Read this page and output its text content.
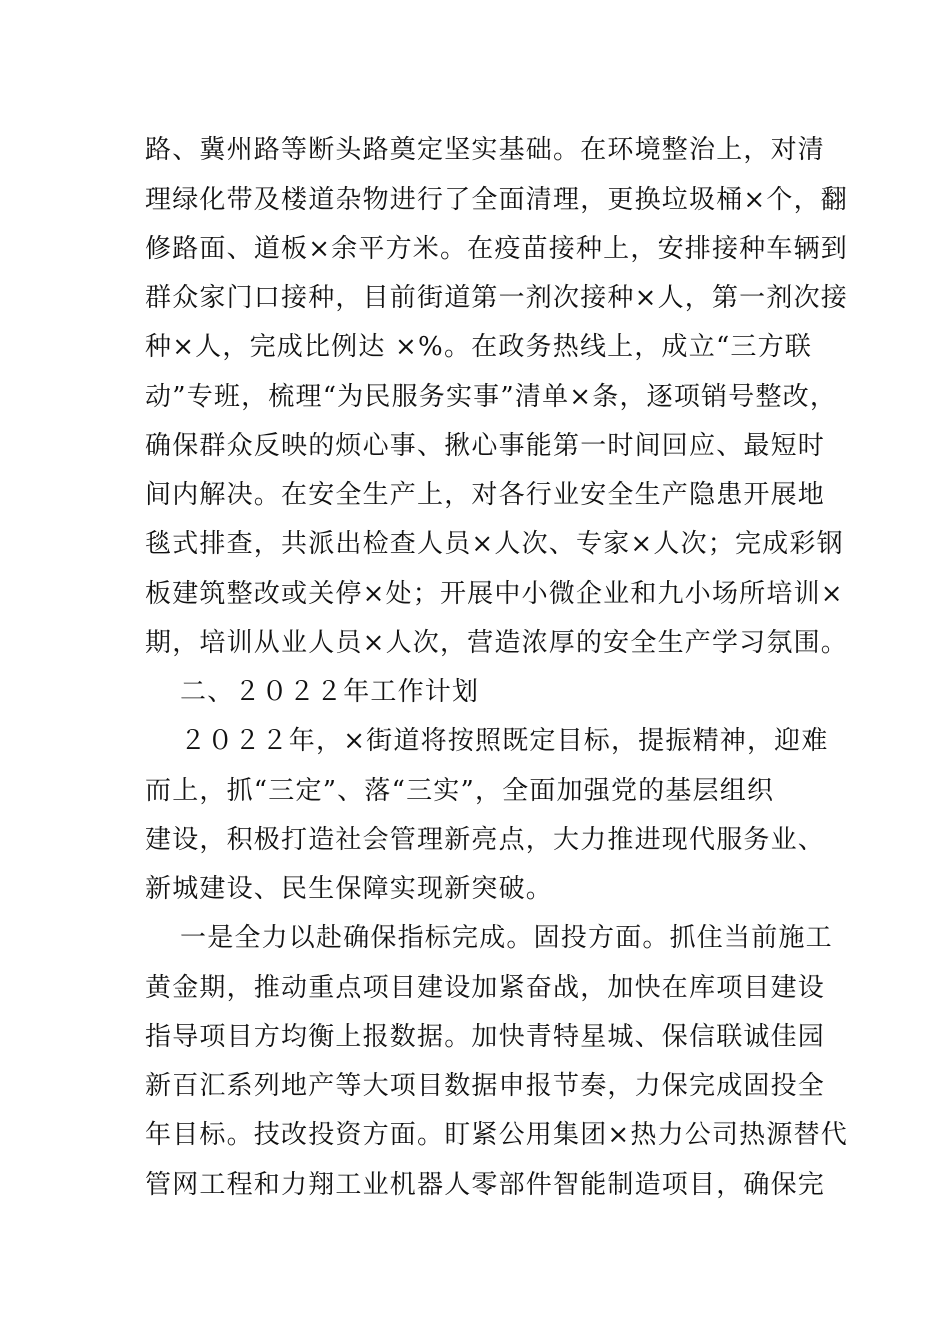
路、冀州路等断头路奠定坚实基础。在环境整治上，对清
理绿化带及楼道杂物进行了全面清理，更换垃圾桶×个，翻
修路面、道板×余平方米。在疫苗接种上，安排接种车辆到
群众家门口接种，目前街道第一剂次接种×人，第一剂次接
种×人，完成比例达 ×%。在政务热线上，成立“三方联
动”专班，梳理“为民服务实事”清单×条，逐项销号整改，
确保群众反映的烦心事、揪心事能第一时间回应、最短时
间内解决。在安全生产上，对各行业安全生产隐患开展地
毯式排查，共派出检查人员×人次、专家×人次；完成彩钢
板建筑整改或关停×处；开展中小微企业和九小场所培训×
期，培训从业人员×人次，营造浓厚的安全生产学习氛围。
二、２０２２年工作计划
２０２２年，×街道将按照既定目标，提振精神，迎难
而上，抓“三定”、落“三实”，全面加强党的基层组织
建设，积极打造社会管理新亮点，大力推进现代服务业、
新城建设、民生保障实现新突破。
一是全力以赴确保指标完成。固投方面。抓住当前施工
黄金期，推动重点项目建设加紧奋战，加快在库项目建设
指导项目方均衡上报数据。加快青特星城、保信联诚佳园
新百汇系列地产等大项目数据申报节奏，力保完成固投全
年目标。技改投资方面。盯紧公用集团×热力公司热源替代
管网工程和力翔工业机器人零部件智能制造项目，确保完
